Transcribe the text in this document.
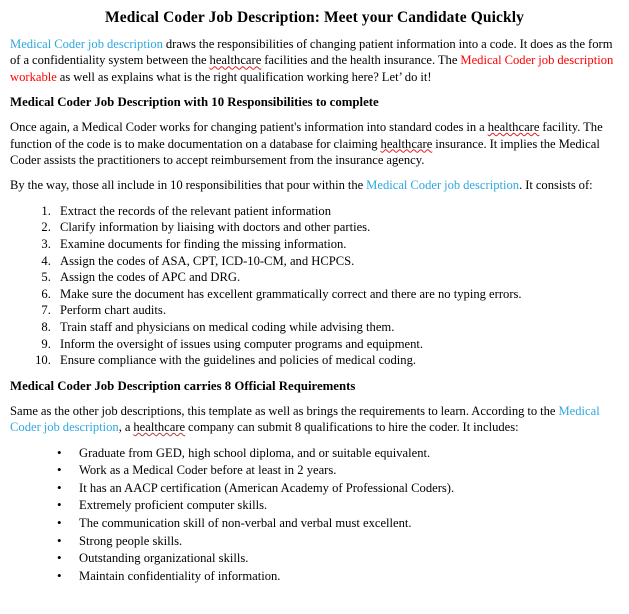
Medical Coder Job Description: Meet your Candidate Quickly

Medical Coder job description draws the responsibilities of changing patient information into a code. It does as the form of a confidentiality system between the healthcare facilities and the health insurance. The Medical Coder job description workable as well as explains what is the right qualification working here? Let’ do it!

Medical Coder Job Description with 10 Responsibilities to complete

Once again, a Medical Coder works for changing patient's information into standard codes in a healthcare facility. The function of the code is to make documentation on a database for claiming healthcare insurance. It implies the Medical Coder assists the practitioners to accept reimbursement from the insurance agency.

By the way, those all include in 10 responsibilities that pour within the Medical Coder job description. It consists of:

1. Extract the records of the relevant patient information
2. Clarify information by liaising with doctors and other parties.
3. Examine documents for finding the missing information.
4. Assign the codes of ASA, CPT, ICD-10-CM, and HCPCS.
5. Assign the codes of APC and DRG.
6. Make sure the document has excellent grammatically correct and there are no typing errors.
7. Perform chart audits.
8. Train staff and physicians on medical coding while advising them.
9. Inform the oversight of issues using computer programs and equipment.
10. Ensure compliance with the guidelines and policies of medical coding.
Medical Coder Job Description carries 8 Official Requirements

Same as the other job descriptions, this template as well as brings the requirements to learn. According to the Medical Coder job description, a healthcare company can submit 8 qualifications to hire the coder. It includes:

• Graduate from GED, high school diploma, and or suitable equivalent.
• Work as a Medical Coder before at least in 2 years.
• It has an AACP certification (American Academy of Professional Coders).
• Extremely proficient computer skills.
• The communication skill of non-verbal and verbal must excellent.
• Strong people skills.
• Outstanding organizational skills.
• Maintain confidentiality of information.
